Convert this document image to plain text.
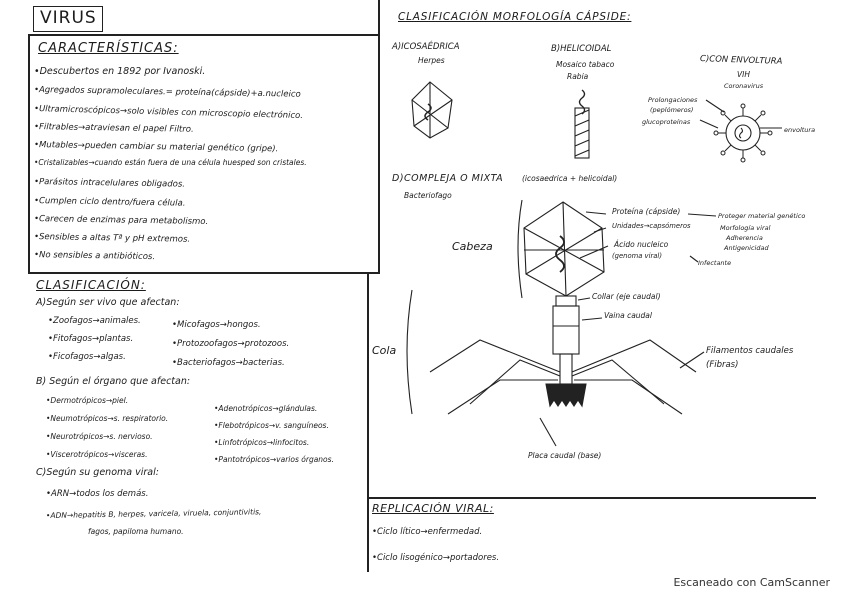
VIRUS
CARACTERÍSTICAS:
•Descubertos en 1892 por Ivanoski.
•Agregados supramoleculares.= proteína(cápside)+a.nucleico
•Ultramicroscópicos→solo visibles con microscopio electrónico.
•Filtrables→atraviesan el papel Filtro.
•Mutables→pueden cambiar su material genético (gripe).
•Cristalizables→cuando están fuera de una célula huesped son cristales.
•Parásitos intracelulares obligados.
•Cumplen ciclo dentro/fuera célula.
•Carecen de enzimas para metabolismo.
•Sensibles a altas Tª y pH extremos.
•No sensibles a antibióticos.
CLASIFICACIÓN:
A)Según ser vivo que afectan:
•Zoofagos→animales.
•Fitofagos→plantas.
•Ficofagos→algas.
•Micofagos→hongos.
•Protozoofagos→protozoos.
•Bacteriofagos→bacterias.
B) Según el órgano que afectan:
•Dermotrópicos→piel.
•Neumotrópicos→s. respiratorio.
•Neurotrópicos→s. nervioso.
•Viscerotrópicos→visceras.
•Adenotrópicos→glándulas.
•Flebotrópicos→v. sanguíneos.
•Linfotrópicos→linfocitos.
•Pantotrópicos→varios órganos.
C)Según su genoma viral:
•ARN→todos los demás.
•ADN→hepatitis B, herpes, varicela, viruela, conjuntivitis,
fagos, papiloma humano.
CLASIFICACIÓN MORFOLOGÍA CÁPSIDE:
A)ICOSAÉDRICA
Herpes
B)HELICOIDAL
Mosaico tabaco
Rabia
C)CON ENVOLTURA
VIH
Coronavirus
Prolongaciones
(peplómeros)
glucoproteínas
envoltura
D)COMPLEJA O MIXTA	(icosaedrica + helicoidal)
Bacteriofago
Cabeza
Cola
Proteína (cápside)
Unidades→capsómeros
Ácido nucleico
(genoma viral)
Infectante
Proteger material genético
Morfología viral
Adherencia
Antigenicidad
Collar (eje caudal)
Vaina caudal
Filamentos caudales
(Fibras)
Placa caudal (base)
REPLICACIÓN VIRAL:
•Ciclo lítico→enfermedad.
•Ciclo lisogénico→portadores.
Escaneado con CamScanner
